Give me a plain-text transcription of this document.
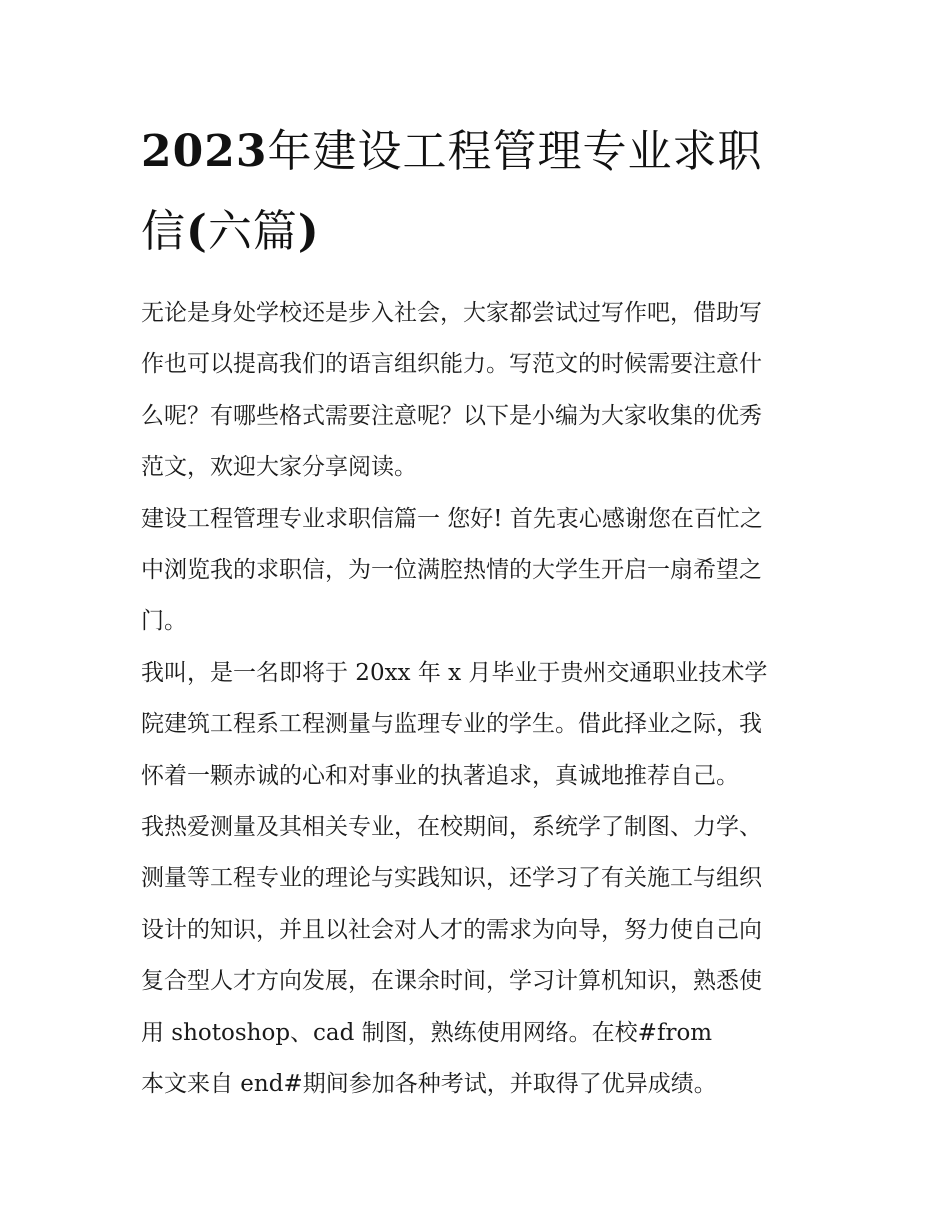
2023年建设工程管理专业求职
信(六篇)

无论是身处学校还是步入社会，大家都尝试过写作吧，借助写
作也可以提高我们的语言组织能力。写范文的时候需要注意什
么呢？有哪些格式需要注意呢？以下是小编为大家收集的优秀
范文，欢迎大家分享阅读。

建设工程管理专业求职信篇一 您好! 首先衷心感谢您在百忙之
中浏览我的求职信，为一位满腔热情的大学生开启一扇希望之
门。

我叫，是一名即将于 20xx 年 x 月毕业于贵州交通职业技术学
院建筑工程系工程测量与监理专业的学生。借此择业之际，我
怀着一颗赤诚的心和对事业的执著追求，真诚地推荐自己。

我热爱测量及其相关专业，在校期间，系统学了制图、力学、
测量等工程专业的理论与实践知识，还学习了有关施工与组织
设计的知识，并且以社会对人才的需求为向导，努力使自己向
复合型人才方向发展，在课余时间，学习计算机知识，熟悉使
用 shotoshop、cad 制图，熟练使用网络。在校#from

本文来自 end#期间参加各种考试，并取得了优异成绩。
